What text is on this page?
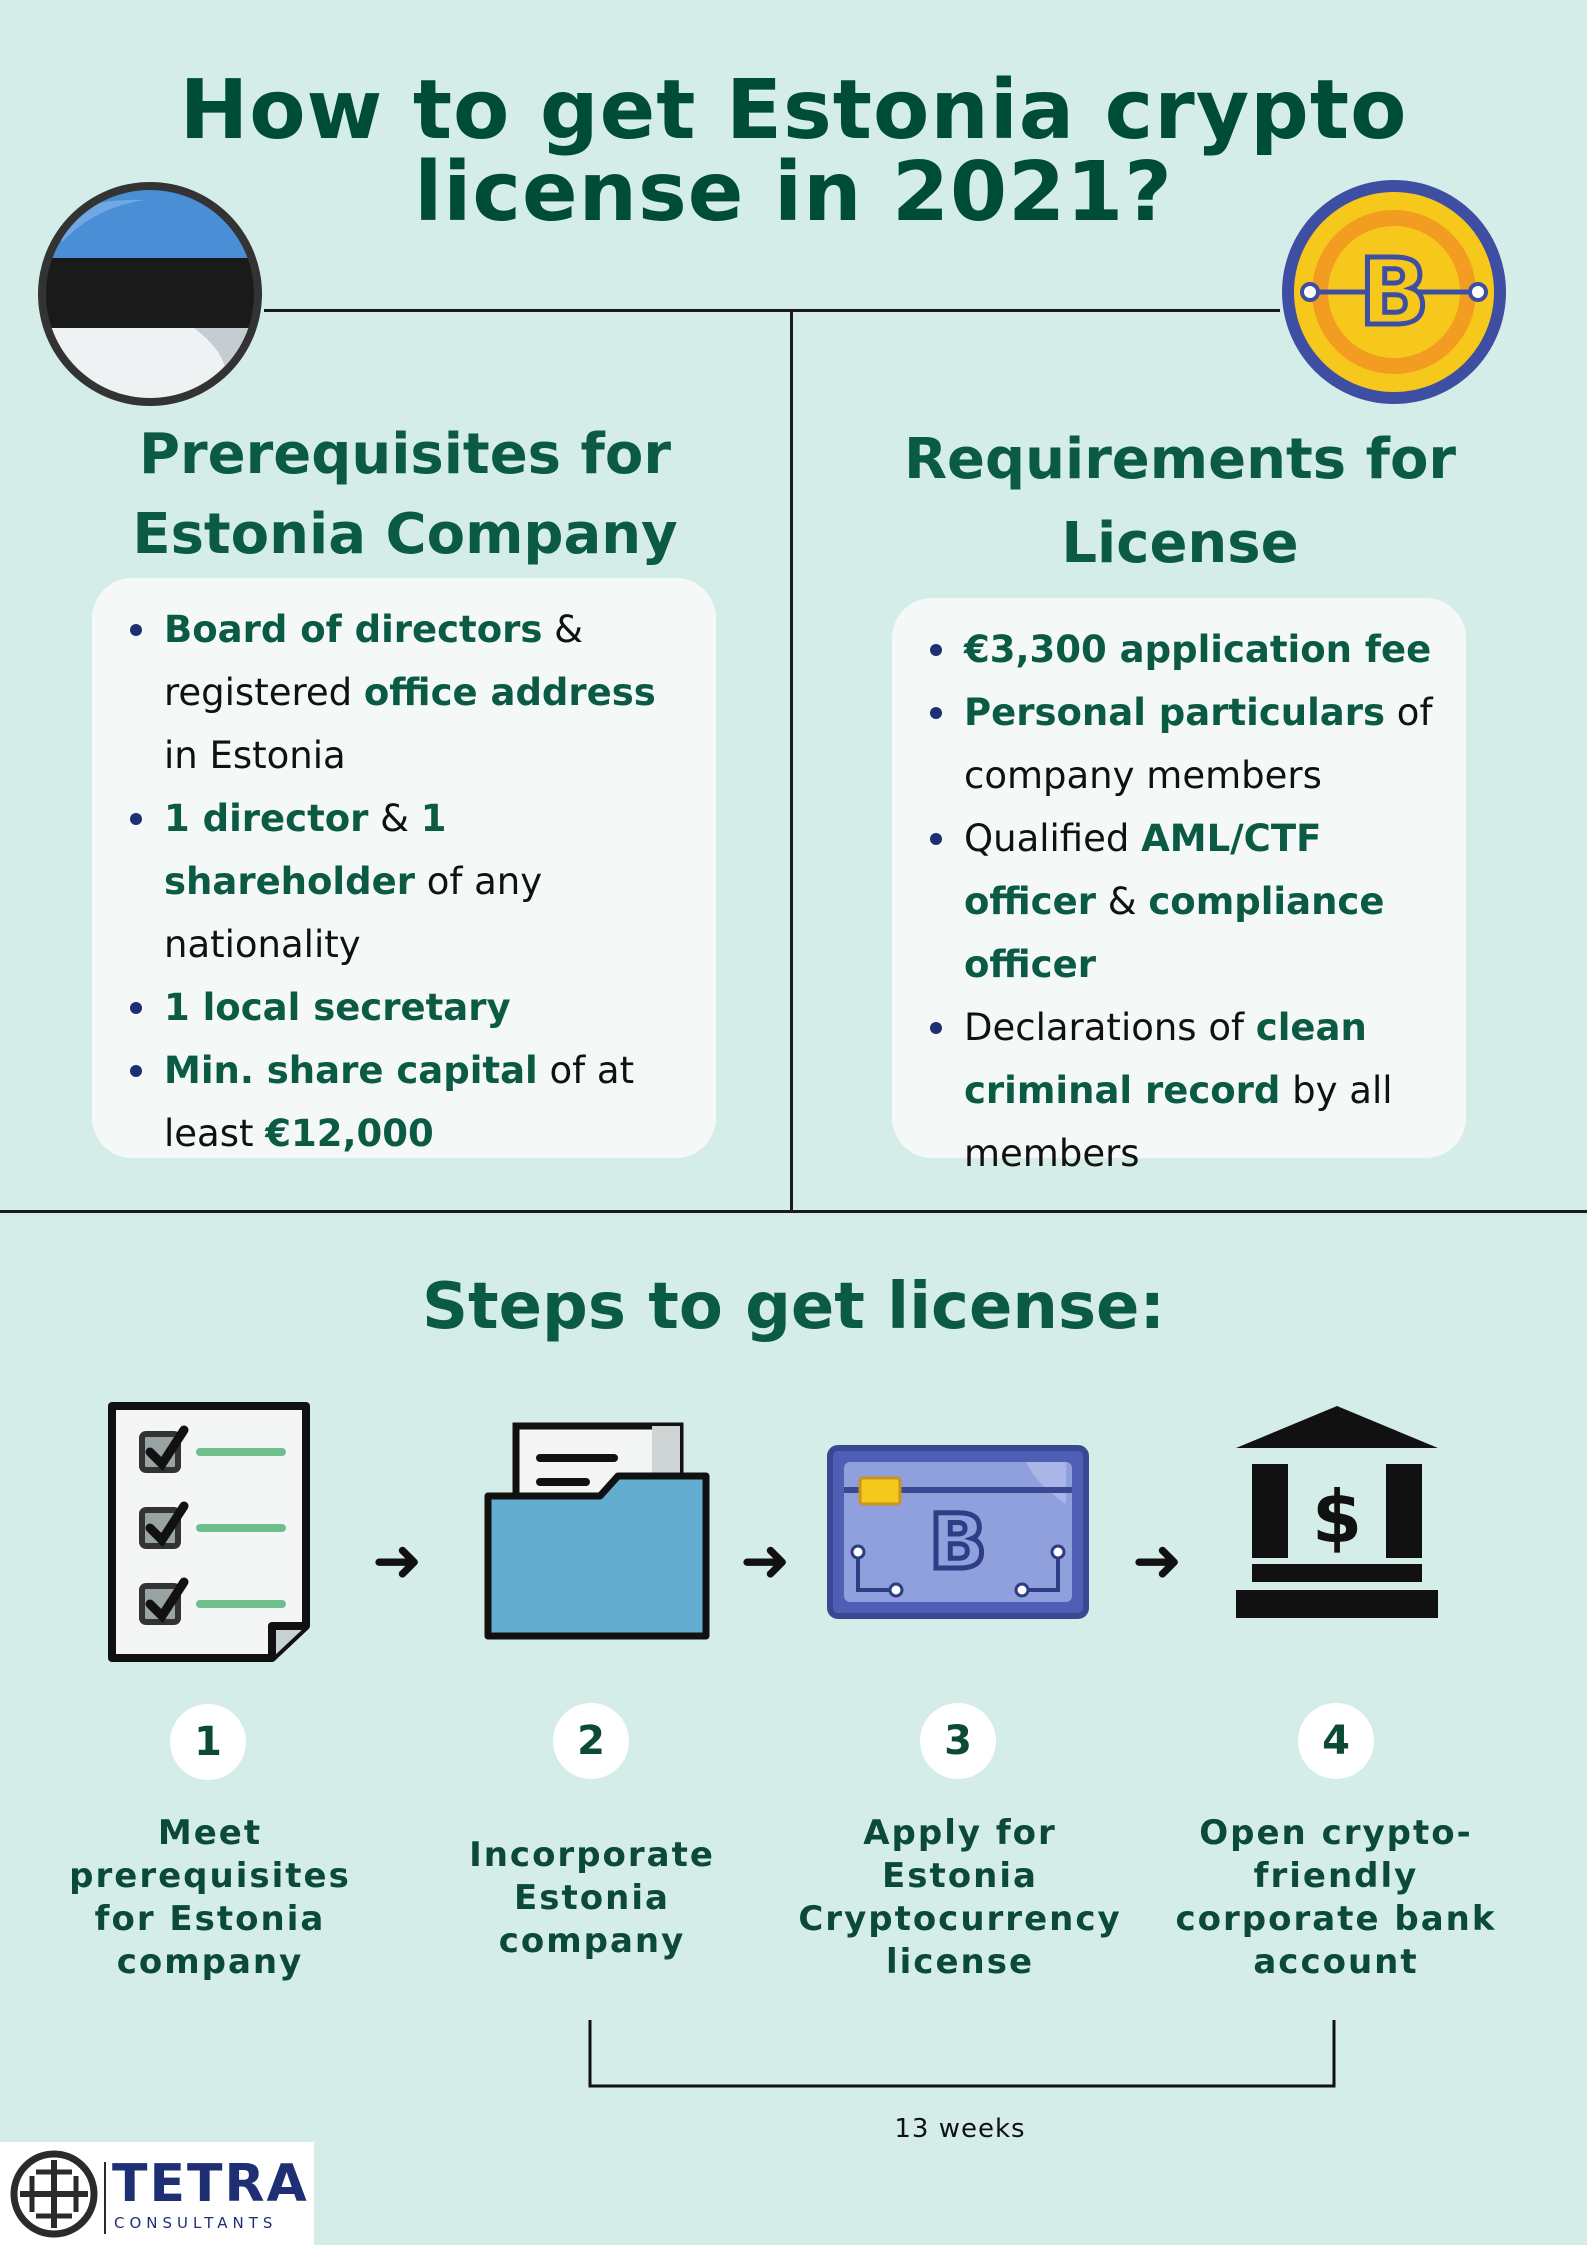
How to get Estonia crypto
license in 2021?
B
Prerequisites for
Estonia Company
Requirements for
License
Board of directors & registered office address in Estonia
1 director & 1 shareholder of any nationality
1 local secretary
Min. share capital of at least €12,000
€3,300 application fee
Personal particulars of company members
Qualified AML/CTF officer & compliance officer
Declarations of clean criminal record by all members
Steps to get license:
➜	➜ B ➜
$
1	2	3	4
Meet
prerequisites
for Estonia
company
Incorporate
Estonia
company
Apply for
Estonia
Cryptocurrency
license
Open crypto-
friendly
corporate bank
account
13 weeks
TETRA
CONSULTANTS
